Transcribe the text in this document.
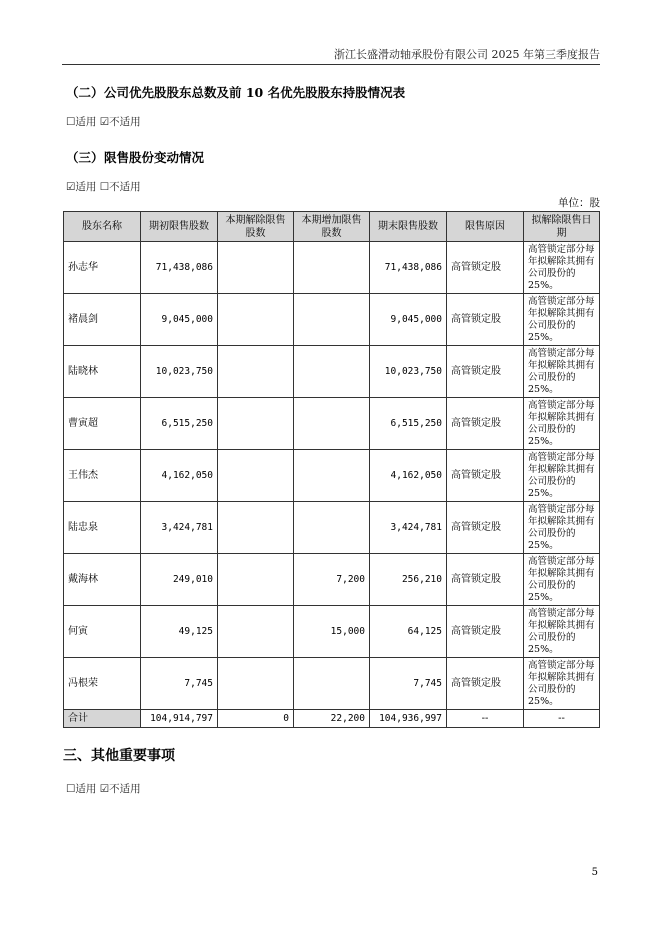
浙江长盛滑动轴承股份有限公司 2025 年第三季度报告
（二）公司优先股股东总数及前 10 名优先股股东持股情况表
☐适用 ☑不适用
（三）限售股份变动情况
☑适用 ☐不适用
单位：股
股东名称	期初限售股数	本期解除限售股数	本期增加限售股数	期末限售股数	限售原因	拟解除限售日期
孙志华	71,438,086			71,438,086	高管锁定股	高管锁定部分每年拟解除其拥有公司股份的 25%。
褚晨剑	9,045,000			9,045,000	高管锁定股	高管锁定部分每年拟解除其拥有公司股份的 25%。
陆晓林	10,023,750			10,023,750	高管锁定股	高管锁定部分每年拟解除其拥有公司股份的 25%。
曹寅超	6,515,250			6,515,250	高管锁定股	高管锁定部分每年拟解除其拥有公司股份的 25%。
王伟杰	4,162,050			4,162,050	高管锁定股	高管锁定部分每年拟解除其拥有公司股份的 25%。
陆忠泉	3,424,781			3,424,781	高管锁定股	高管锁定部分每年拟解除其拥有公司股份的 25%。
戴海林	249,010		7,200	256,210	高管锁定股	高管锁定部分每年拟解除其拥有公司股份的 25%。
何寅	49,125		15,000	64,125	高管锁定股	高管锁定部分每年拟解除其拥有公司股份的 25%。
冯根荣	7,745			7,745	高管锁定股	高管锁定部分每年拟解除其拥有公司股份的 25%。
合计	104,914,797	0	22,200	104,936,997	--	--
三、其他重要事项
☐适用 ☑不适用
5
